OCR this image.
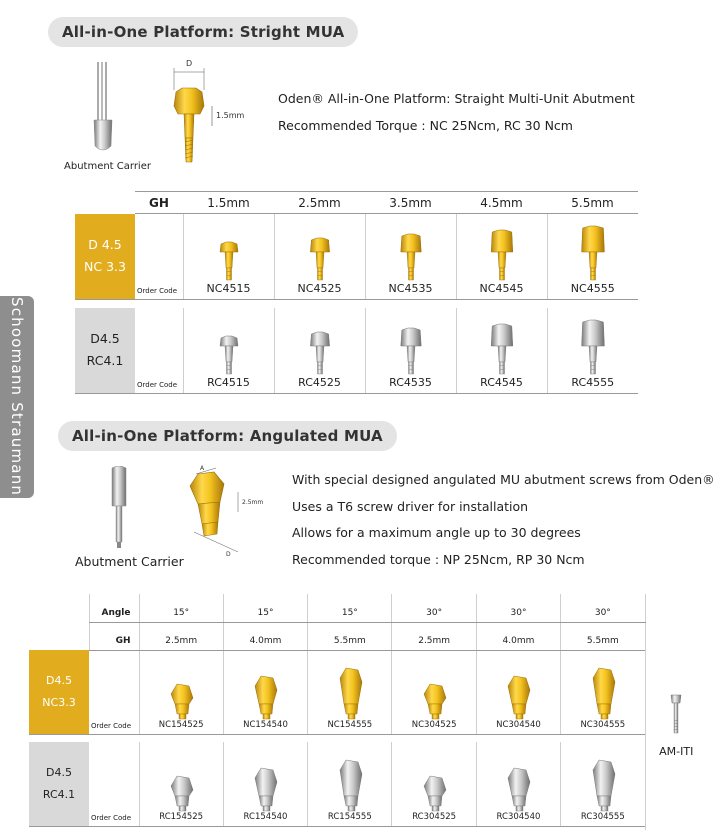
All-in-One Platform: Stright MUA
Abutment Carrier
D
1.5mm
Oden® All-in-One Platform: Straight Multi-Unit Abutment
Recommended Torque : NC 25Ncm, RC 30 Ncm
	GH	1.5mm	2.5mm	3.5mm	4.5mm	5.5mm

D 4.5
NC 3.3	Order Code	NC4515	NC4525	NC4535	NC4545	NC4555

D4.5
RC4.1	Order Code	RC4515	RC4525	RC4535	RC4545	RC4555
Schoomann Straumann	All-in-One Platform: Angulated MUA
Abutment Carrier
A
2.5mm
D
With special designed angulated MU abutment screws from Oden®
Uses a T6 screw driver for installation
Allows for a maximum angle up to 30 degrees
Recommended torque : NP 25Ncm, RP 30 Ncm
	Angle	15°	15°	15°	30°	30°	30°	AM-ITI

	GH	2.5mm	4.0mm	5.5mm	2.5mm	4.0mm	5.5mm	

D4.5
NC3.3	Order Code	NC154525	NC154540	NC154555	NC304525	NC304540	NC304555	

D4.5
RC4.1	Order Code	RC154525	RC154540	RC154555	RC304525	RC304540	RC304555	
